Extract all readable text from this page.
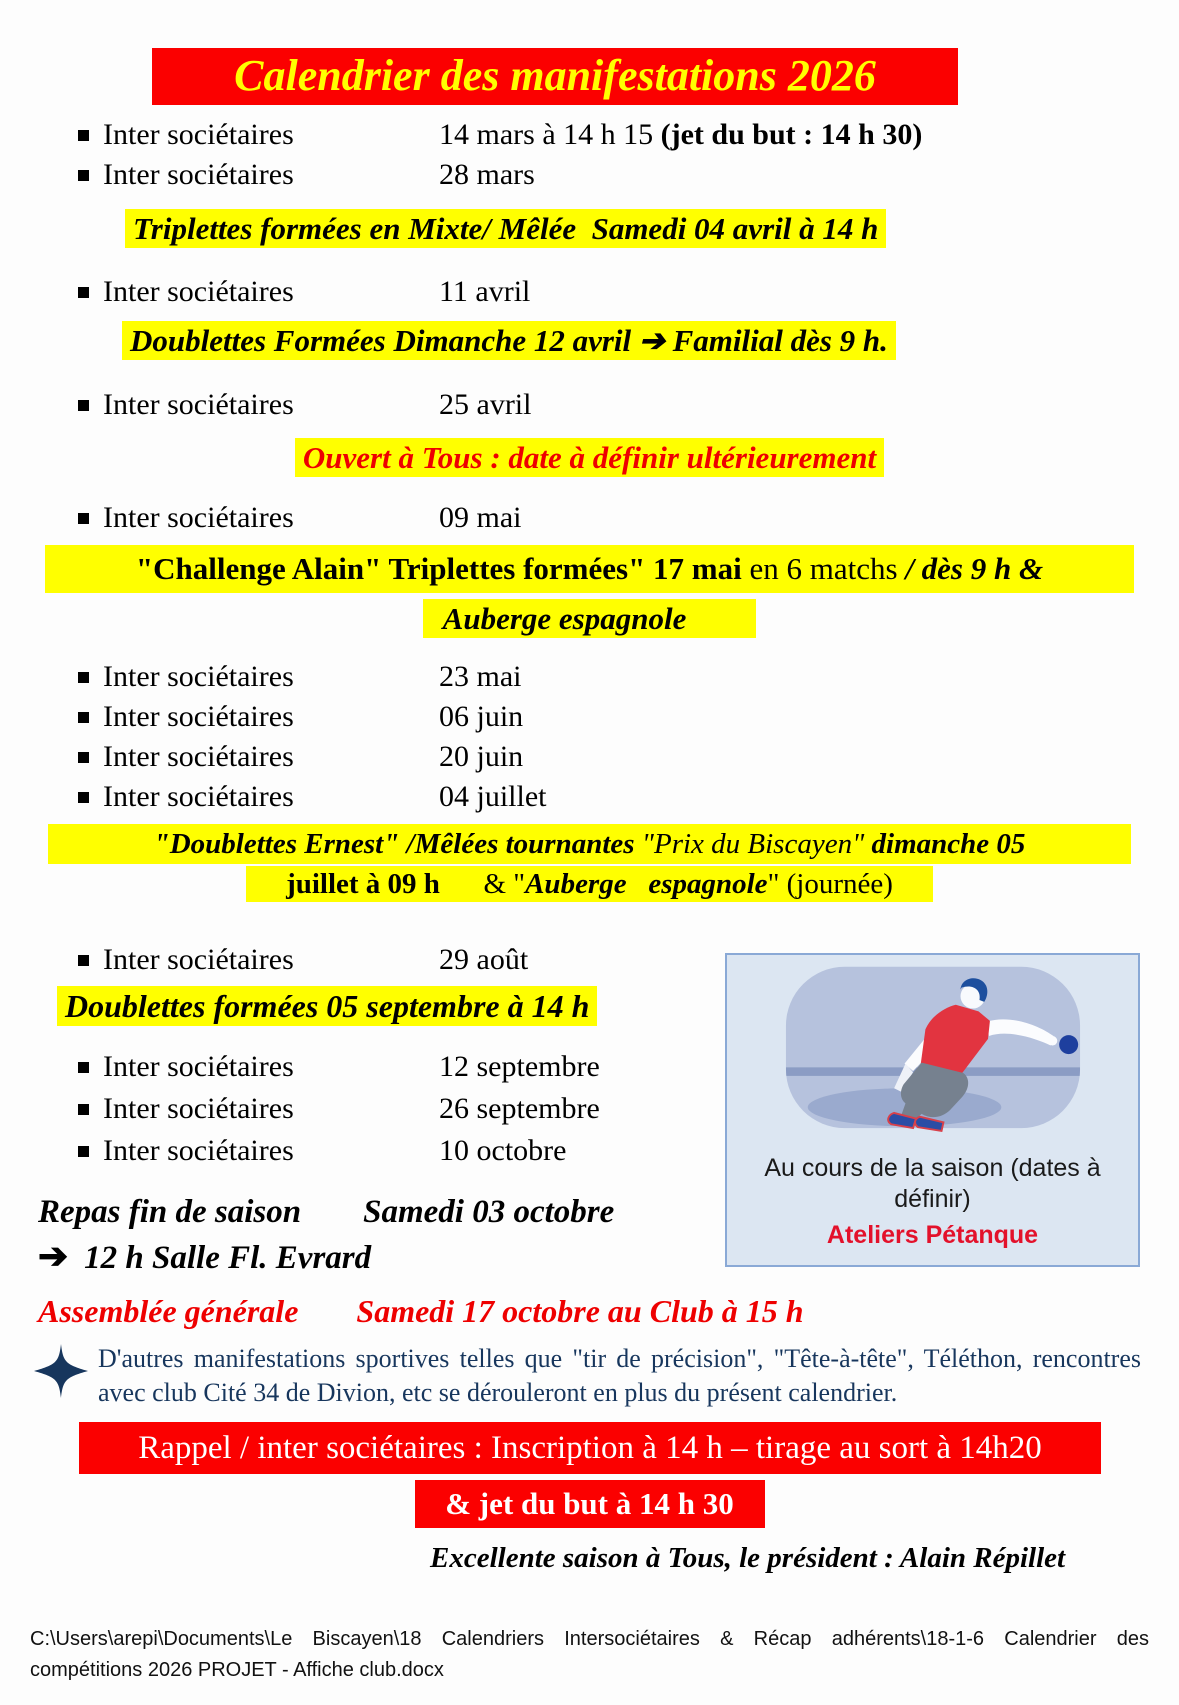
Calendrier des manifestations 2026
Inter sociétaires	14 mars à 14 h 15 (jet du but : 14 h 30)
Inter sociétaires	28 mars
Triplettes formées en Mixte/ Mêlée  Samedi 04 avril à 14 h
Inter sociétaires	11 avril
Doublettes Formées Dimanche 12 avril ➔ Familial dès 9 h.
Inter sociétaires	25 avril
Ouvert à Tous : date à définir ultérieurement
Inter sociétaires	09 mai
"Challenge Alain" Triplettes formées" 17 mai en 6 matchs / dès 9 h &
Auberge espagnole
Inter sociétaires	23 mai
Inter sociétaires	06 juin
Inter sociétaires	20 juin
Inter sociétaires	04 juillet
"Doublettes Ernest" /Mêlées tournantes "Prix du Biscayen" dimanche 05
juillet à 09 h      & "Auberge   espagnole" (journée)
Inter sociétaires	29 août
Doublettes formées 05 septembre à 14 h
Inter sociétaires	12 septembre
Inter sociétaires	26 septembre
Inter sociétaires	10 octobre
Repas fin de saison Samedi 03 octobre
➔ 12 h Salle Fl. Evrard
Assemblée générale Samedi 17 octobre au Club à 15 h
D'autres manifestations sportives telles que "tir de précision", "Tête-à-tête", Téléthon, rencontres avec club Cité 34 de Divion, etc se dérouleront en plus du présent calendrier.
Rappel / inter sociétaires : Inscription à 14 h – tirage au sort à 14h20
& jet du but à 14 h 30
Excellente saison à Tous, le président : Alain Répillet
C:\Users\arepi\Documents\Le Biscayen\18 Calendriers Intersociétaires & Récap adhérents\18-1-6 Calendrier des compétitions 2026 PROJET - Affiche club.docx
Au cours de la saison (dates à définir)
Ateliers Pétanque
